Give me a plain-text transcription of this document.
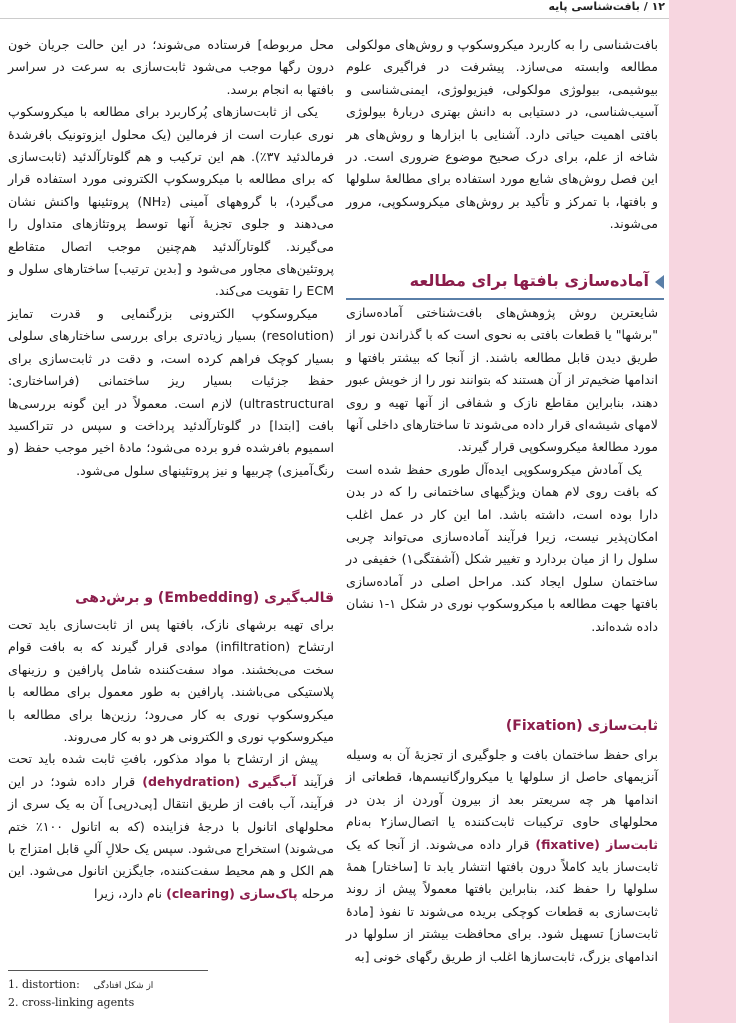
۱۲ / بافت‌شناسی پایه

بافت‌شناسی را به کاربرد میکروسکوپ و روش‌های مولکولی مطالعه وابسته می‌سازد. پیشرفت در فراگیری علوم بیوشیمی، بیولوژی مولکولی، فیزیولوژی، ایمنی‌شناسی و آسیب‌شناسی، در دستیابی به دانش بهتری دربارهٔ بیولوژی بافتی اهمیت حیاتی دارد. آشنایی با ابزارها و روش‌های هر شاخه از علم، برای درک صحیح موضوع ضروری است. در این فصل روش‌های شایع مورد استفاده برای مطالعهٔ سلولها و بافتها، با تمرکز و تأکید بر روش‌های میکروسکوپی، مرور می‌شوند.

آماده‌سازی بافتها برای مطالعه

شایعترین روش پژوهش‌های بافت‌شناختی آماده‌سازی "برشها" یا قطعات بافتی به نحوی است که با گذراندن نور از طریق دیدن قابل مطالعه باشند. از آنجا که بیشتر بافتها و اندامها ضخیم‌تر از آن هستند که بتوانند نور را از خویش عبور دهند، بنابراین مقاطع نازک و شفافی از آنها تهیه و روی لامهای شیشه‌ای قرار داده می‌شوند تا ساختارهای داخلی آنها مورد مطالعهٔ میکروسکوپی قرار گیرند.

یک آمادش میکروسکوپی ایده‌آل طوری حفظ شده است که بافت روی لام همان ویژگیهای ساختمانی را که در بدن دارا بوده است، داشته باشد. اما این کار در عمل اغلب امکان‌پذیر نیست، زیرا فرآیند آماده‌سازی می‌تواند چربی سلول را از میان بردارد و تغییر شکل (آشفتگی۱) خفیفی در ساختمان سلول ایجاد کند. مراحل اصلی در آماده‌سازی بافتها جهت مطالعه با میکروسکوپ نوری در شکل ۱-۱ نشان داده شده‌اند.

ثابت‌سازی (Fixation)

برای حفظ ساختمان بافت و جلوگیری از تجزیهٔ آن به وسیله آنزیمهای حاصل از سلولها یا میکروارگانیسم‌ها، قطعاتی از اندامها هر چه سریعتر بعد از بیرون آوردن از بدن در محلولهای حاوی ترکیبات ثابت‌کننده یا اتصال‌ساز۲ به‌نام ثابت‌ساز (fixative) قرار داده می‌شوند. از آنجا که یک ثابت‌ساز باید کاملاً درون بافتها انتشار یابد تا [ساختار] همهٔ سلولها را حفظ کند، بنابراین بافتها معمولاً پیش از روند ثابت‌سازی به قطعات کوچکی بریده می‌شوند تا نفوذ [مادهٔ ثابت‌ساز] تسهیل شود. برای محافظت بیشتر از سلولها در اندامهای بزرگ، ثابت‌سازها اغلب از طریق رگهای خونی [به

محل مربوطه] فرستاده می‌شوند؛ در این حالت جریان خون درون رگها موجب می‌شود ثابت‌سازی به سرعت در سراسر بافتها به انجام برسد.

یکی از ثابت‌سازهای پُرکاربرد برای مطالعه با میکروسکوپ نوری عبارت است از فرمالین (یک محلول ایزوتونیک بافرشدهٔ فرمالدئید ۳۷٪). هم این ترکیب و هم گلوتارآلدئید (ثابت‌سازی که برای مطالعه با میکروسکوپ الکترونی مورد استفاده قرار می‌گیرد)، با گروههای آمینی (NH₂) پروتئینها واکنش نشان می‌دهند و جلوی تجزیهٔ آنها توسط پروتئازهای متداول را می‌گیرند. گلوتارآلدئید هم‌چنین موجب اتصال متقاطع پروتئین‌های مجاور می‌شود و [بدین ترتیب] ساختارهای سلول و ECM را تقویت می‌کند.

میکروسکوپ الکترونی بزرگنمایی و قدرت تمایز (resolution) بسیار زیادتری برای بررسی ساختارهای سلولی بسیار کوچک فراهم کرده است، و دقت در ثابت‌سازی برای حفظ جزئیات بسیار ریز ساختمانی (فراساختاری: ultrastructural) لازم است. معمولاً در این گونه بررسی‌ها بافت [ابتدا] در گلوتارآلدئید پرداخت و سپس در تتراکسید اسمیوم بافرشده فرو برده می‌شود؛ مادهٔ اخیر موجب حفظ (و رنگ‌آمیزی) چربیها و نیز پروتئینهای سلول می‌شود.

قالب‌گیری (Embedding) و برش‌دهی

برای تهیه برشهای نازک، بافتها پس از ثابت‌سازی باید تحت ارتشاح (infiltration) موادی قرار گیرند که به بافت قوام سخت می‌بخشند. مواد سفت‌کننده شامل پارافین و رزینهای پلاستیکی می‌باشند. پارافین به طور معمول برای مطالعه با میکروسکوپ نوری به کار می‌رود؛ رزین‌ها برای مطالعه با میکروسکوپ نوری و الکترونی هر دو به کار می‌روند.

پیش از ارتشاح با مواد مذکور، بافتِ ثابت شده باید تحت فرآیند آب‌گیری (dehydration) قرار داده شود؛ در این فرآیند، آب بافت از طریق انتقال [پی‌درپی] آن به یک سری از محلولهای اتانول با درجهٔ فزاینده (که به اتانول ۱۰۰٪ ختم می‌شوند) استخراج می‌شود. سپس یک حلالِ آلیِ قابل امتزاج با هم الکل و هم محیط سفت‌کننده، جایگزین اتانول می‌شود. این مرحله پاک‌سازی (clearing) نام دارد، زیرا

1. distortion: از شکل افتادگی
2. cross-linking agents
